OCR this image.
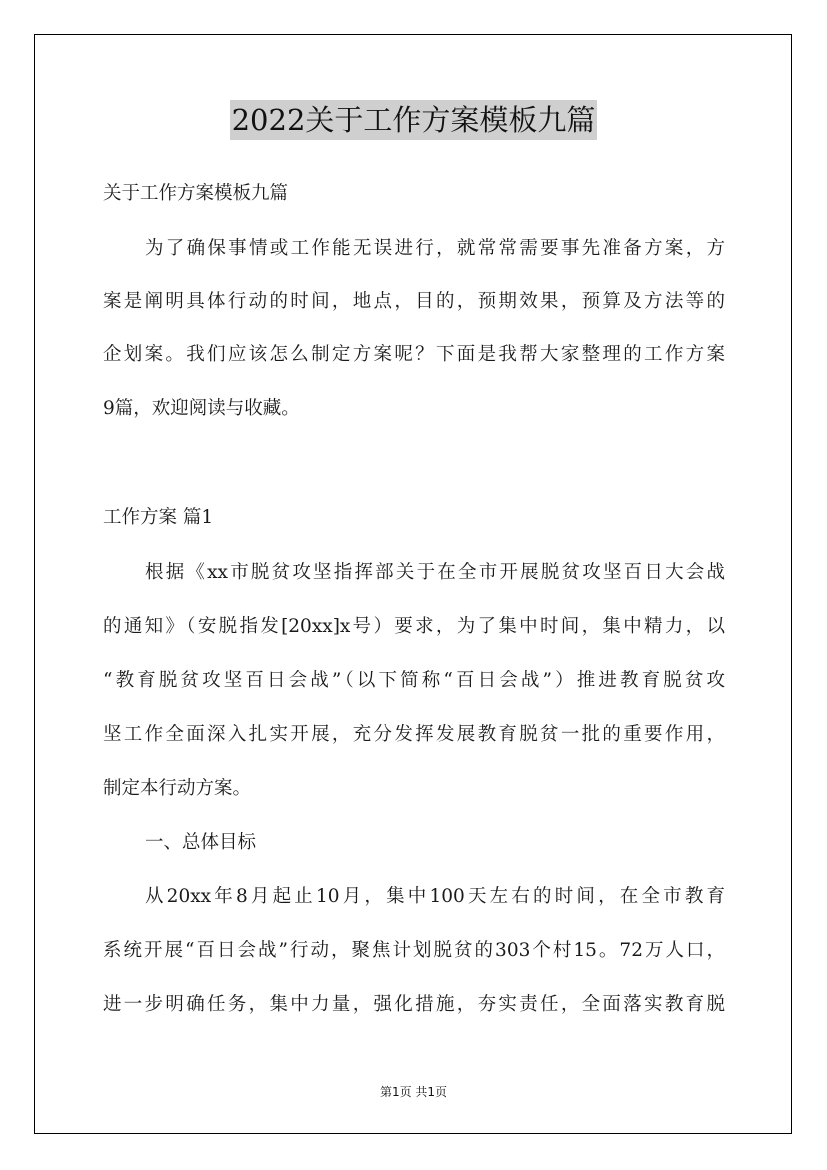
2022关于工作方案模板九篇
关于工作方案模板九篇
为了确保事情或工作能无误进行，就常常需要事先准备方案，方
案是阐明具体行动的时间，地点，目的，预期效果，预算及方法等的
企划案。我们应该怎么制定方案呢？下面是我帮大家整理的工作方案
9篇，欢迎阅读与收藏。
工作方案 篇1
根据《xx市脱贫攻坚指挥部关于在全市开展脱贫攻坚百日大会战
的通知》（安脱指发[20xx]x号）要求，为了集中时间，集中精力，以
“教育脱贫攻坚百日会战”（以下简称“百日会战”）推进教育脱贫攻
坚工作全面深入扎实开展，充分发挥发展教育脱贫一批的重要作用，
制定本行动方案。
一、总体目标
从20xx年8月起止10月，集中100天左右的时间，在全市教育
系统开展“百日会战”行动，聚焦计划脱贫的303个村15。72万人口，
进一步明确任务，集中力量，强化措施，夯实责任，全面落实教育脱
第1页 共1页
